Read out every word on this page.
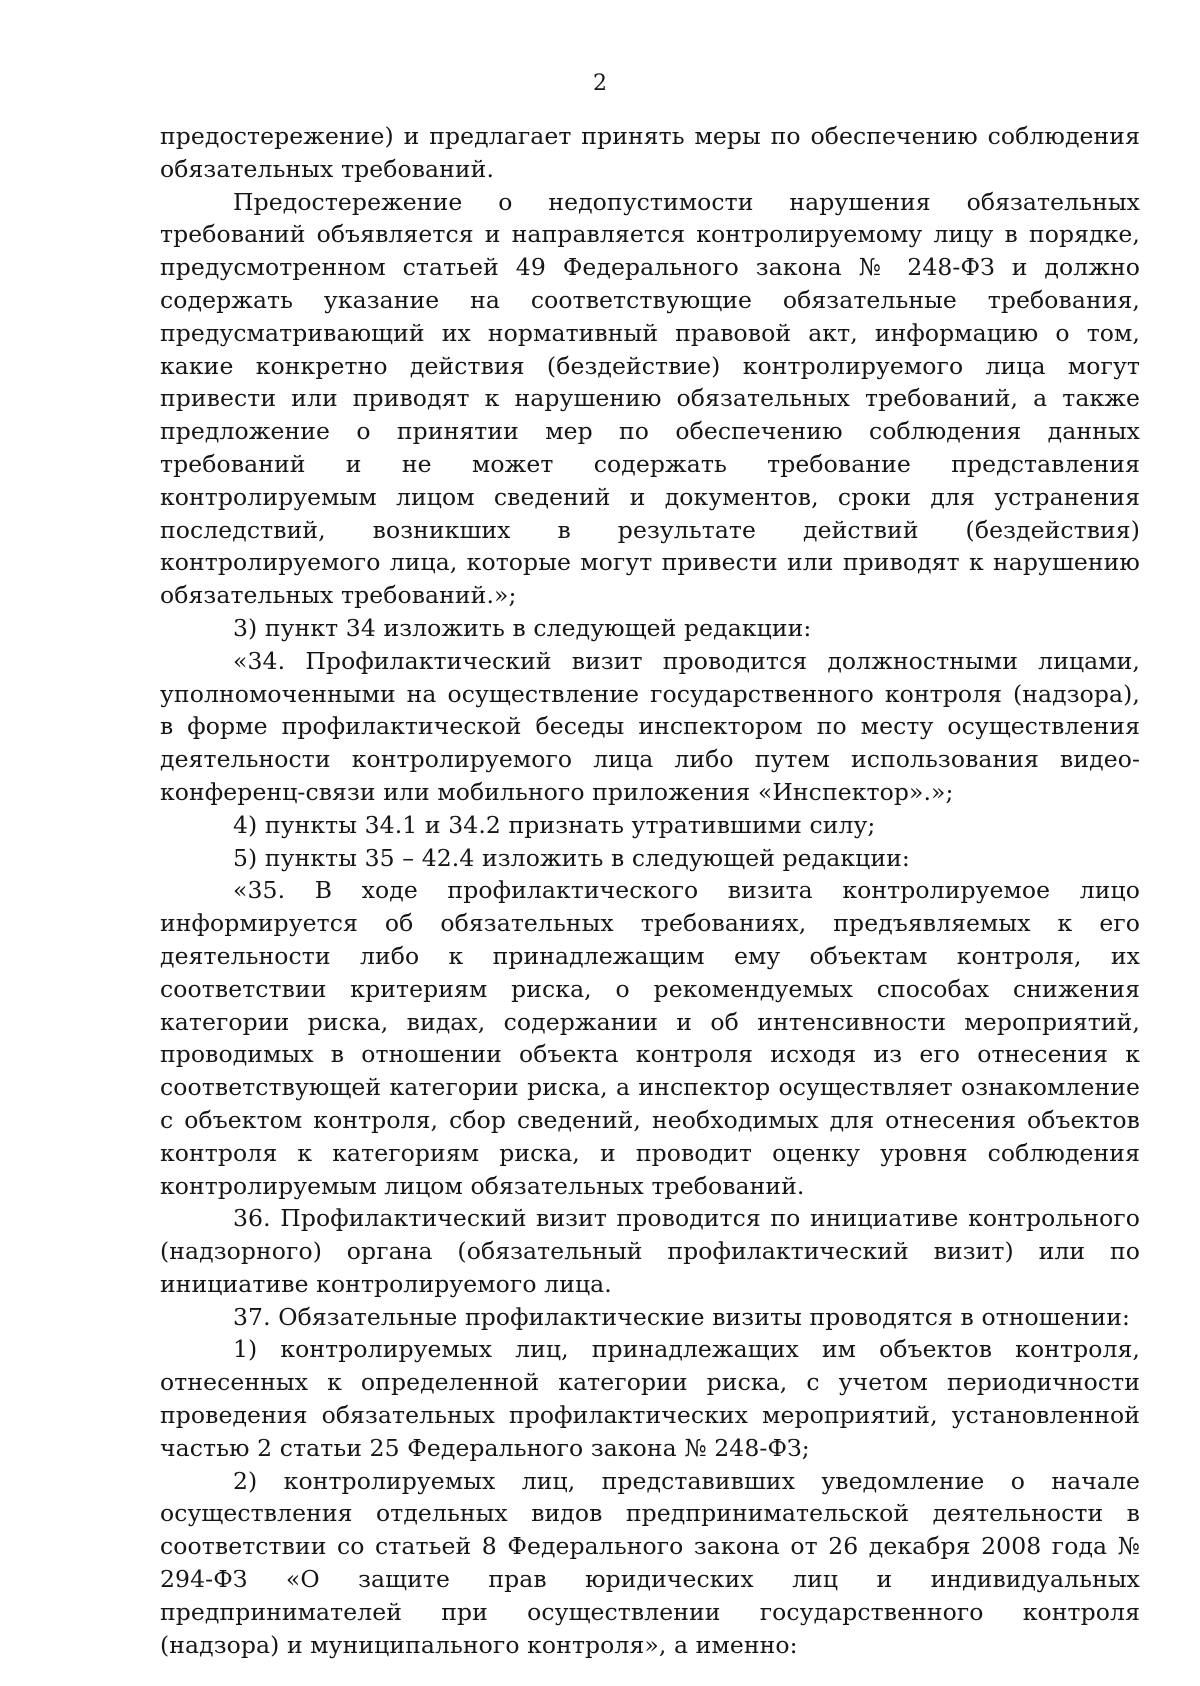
2

предостережение) и предлагает принять меры по обеспечению соблюдения обязательных требований.

Предостережение о недопустимости нарушения обязательных требований объявляется и направляется контролируемому лицу в порядке, предусмотренном статьей 49 Федерального закона № 248-ФЗ и должно содержать указание на соответствующие обязательные требования, предусматривающий их нормативный правовой акт, информацию о том, какие конкретно действия (бездействие) контролируемого лица могут привести или приводят к нарушению обязательных требований, а также предложение о принятии мер по обеспечению соблюдения данных требований и не может содержать требование представления контролируемым лицом сведений и документов, сроки для устранения последствий, возникших в результате действий (бездействия) контролируемого лица, которые могут привести или приводят к нарушению обязательных требований.»;

3) пункт 34 изложить в следующей редакции:

«34. Профилактический визит проводится должностными лицами, уполномоченными на осуществление государственного контроля (надзора), в форме профилактической беседы инспектором по месту осуществления деятельности контролируемого лица либо путем использования видео-конференц-связи или мобильного приложения «Инспектор».»;

4) пункты 34.1 и 34.2 признать утратившими силу;

5) пункты 35 – 42.4 изложить в следующей редакции:

«35. В ходе профилактического визита контролируемое лицо информируется об обязательных требованиях, предъявляемых к его деятельности либо к принадлежащим ему объектам контроля, их соответствии критериям риска, о рекомендуемых способах снижения категории риска, видах, содержании и об интенсивности мероприятий, проводимых в отношении объекта контроля исходя из его отнесения к соответствующей категории риска, а инспектор осуществляет ознакомление с объектом контроля, сбор сведений, необходимых для отнесения объектов контроля к категориям риска, и проводит оценку уровня соблюдения контролируемым лицом обязательных требований.

36. Профилактический визит проводится по инициативе контрольного (надзорного) органа (обязательный профилактический визит) или по инициативе контролируемого лица.

37. Обязательные профилактические визиты проводятся в отношении:

1) контролируемых лиц, принадлежащих им объектов контроля, отнесенных к определенной категории риска, с учетом периодичности проведения обязательных профилактических мероприятий, установленной частью 2 статьи 25 Федерального закона № 248-ФЗ;

2) контролируемых лиц, представивших уведомление о начале осуществления отдельных видов предпринимательской деятельности в соответствии со статьей 8 Федерального закона от 26 декабря 2008 года № 294-ФЗ «О защите прав юридических лиц и индивидуальных предпринимателей при осуществлении государственного контроля (надзора) и муниципального контроля», а именно:
